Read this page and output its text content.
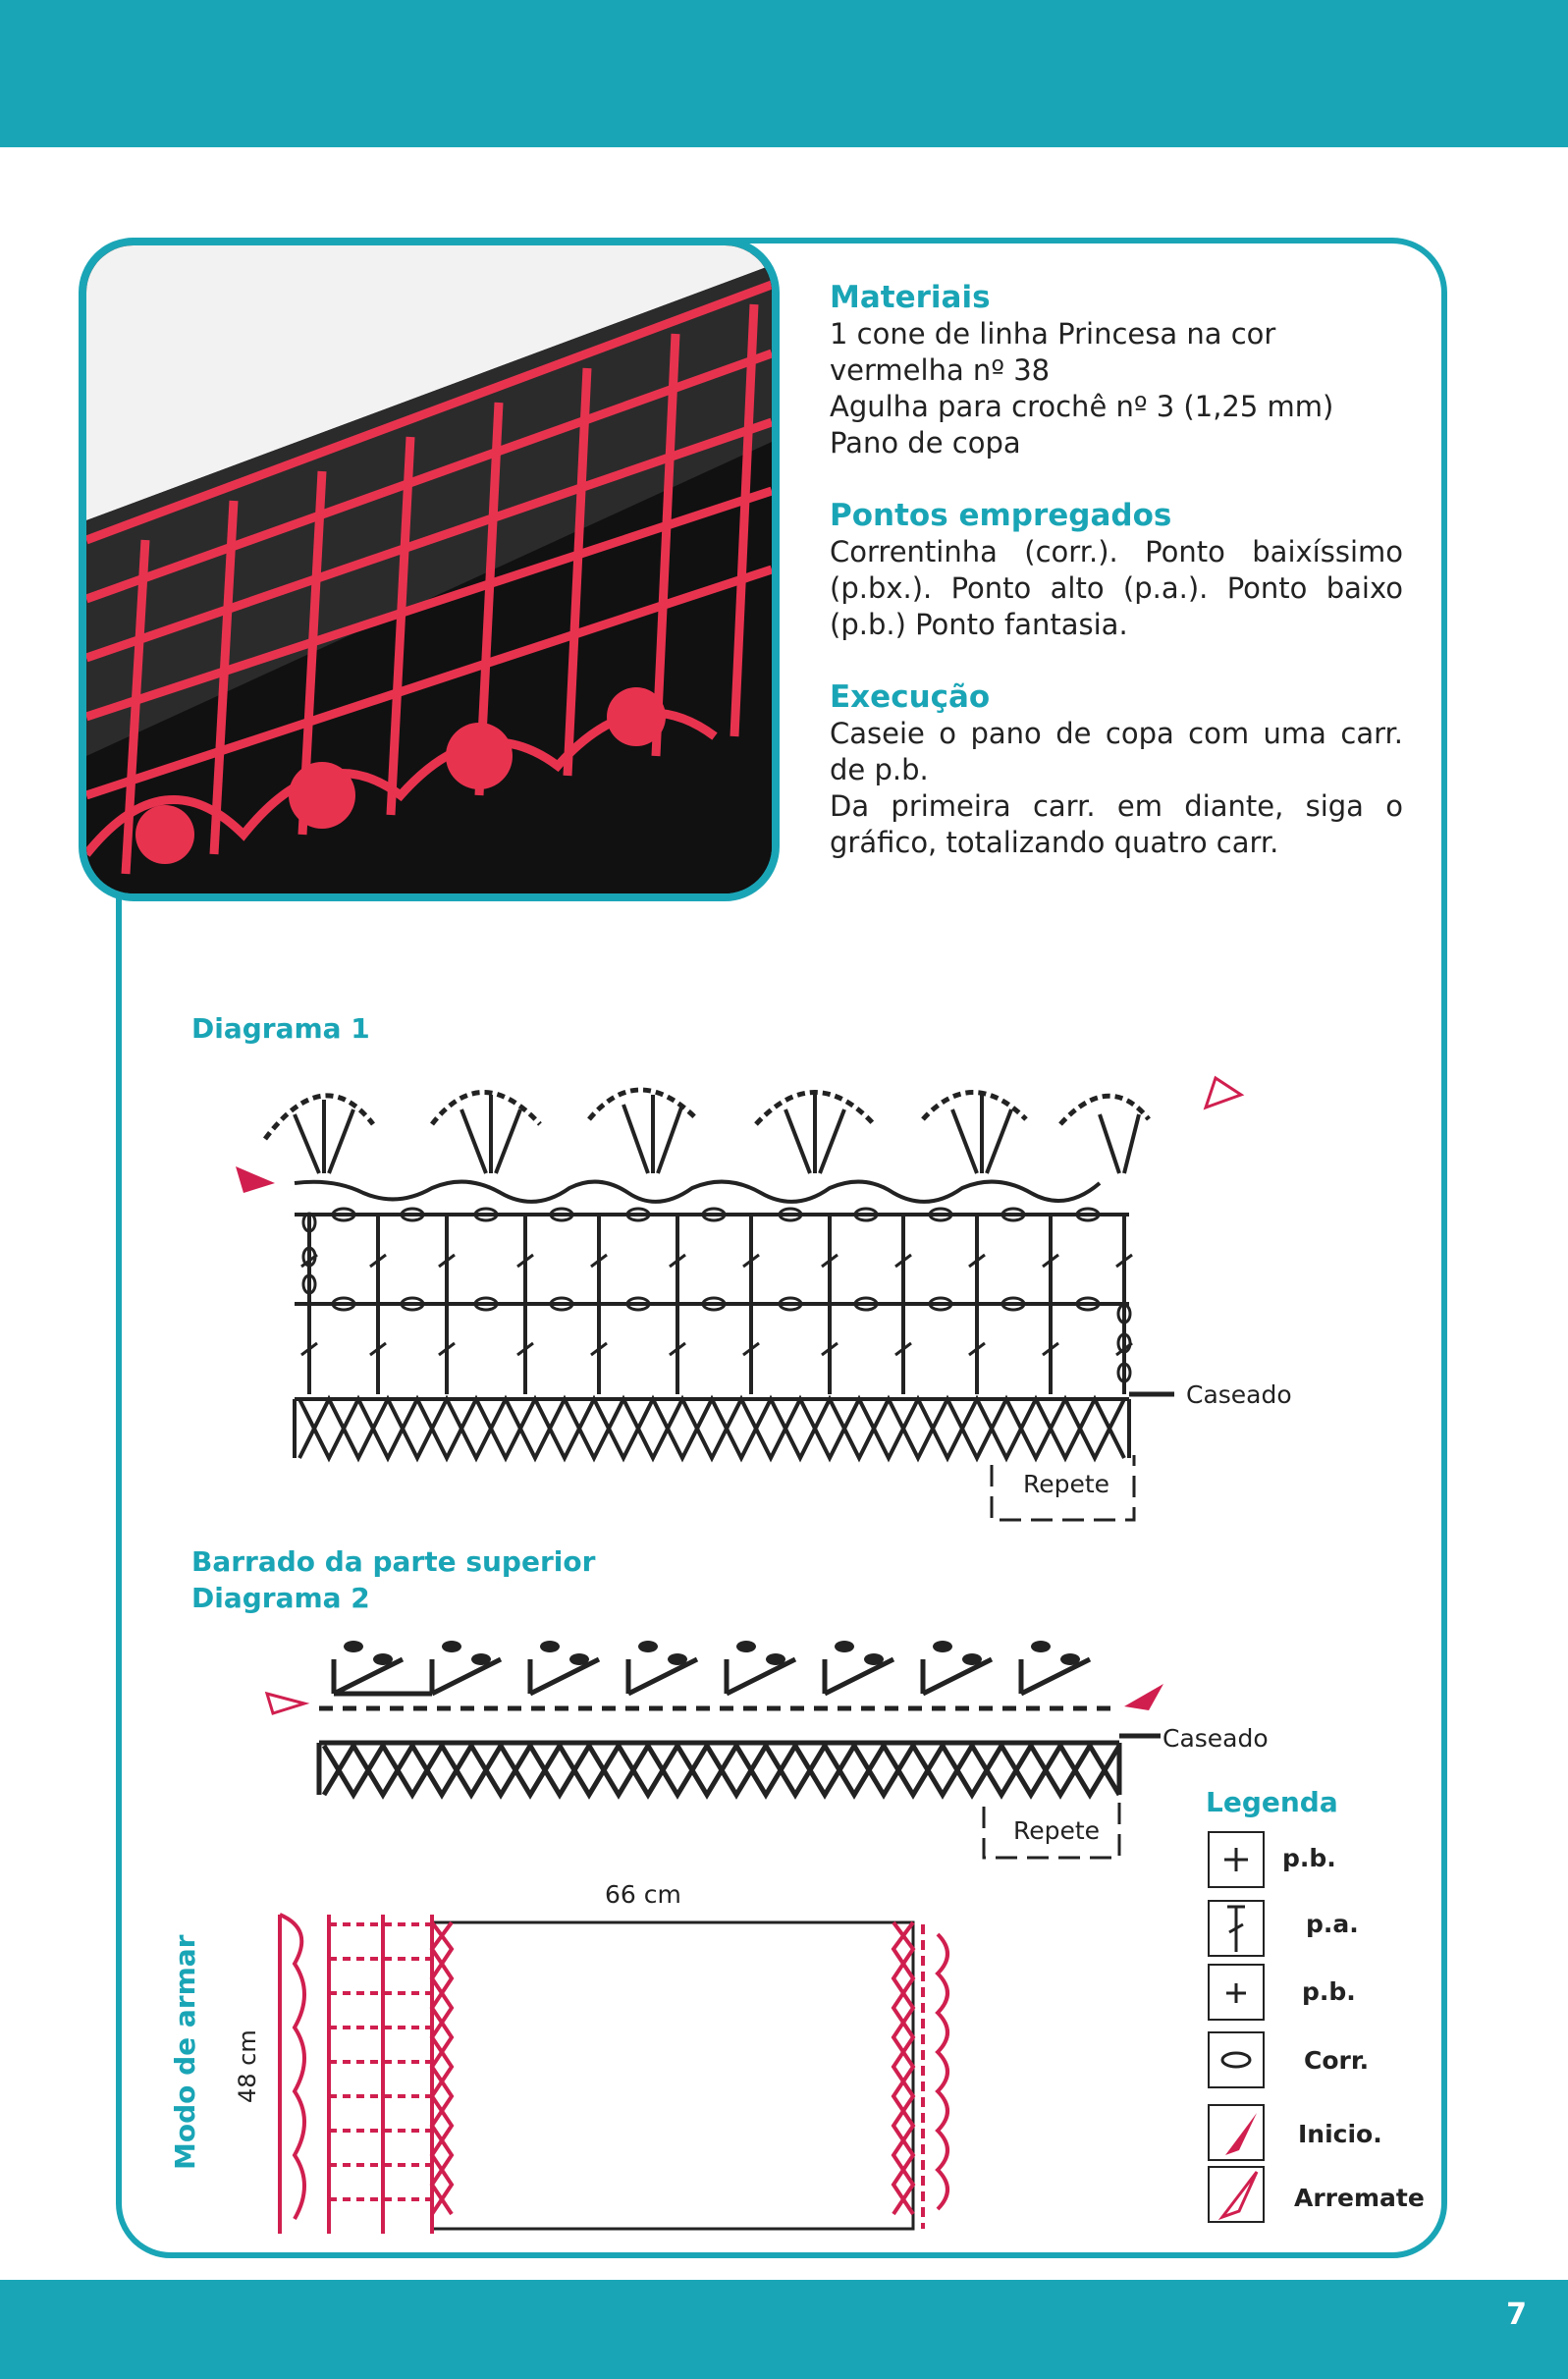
Materiais

1 cone de linha Princesa na cor vermelha nº 38
Agulha para crochê nº 3 (1,25 mm)
Pano de copa

Pontos empregados

Correntinha (corr.). Ponto baixíssimo (p.bx.). Ponto alto (p.a.). Ponto baixo (p.b.) Ponto fantasia.

Execução

Caseie o pano de copa com uma carr. de p.b.

Da primeira carr. em diante, siga o gráfico, totalizando quatro carr.

Diagrama 1
Caseado
Repete
Barrado da parte superior
Diagrama 2
Caseado
Repete
66 cm
48 cm
Modo de armar
Legenda
p.b.
p.a.
p.b.
Corr.
Inicio.
Arremate
7
